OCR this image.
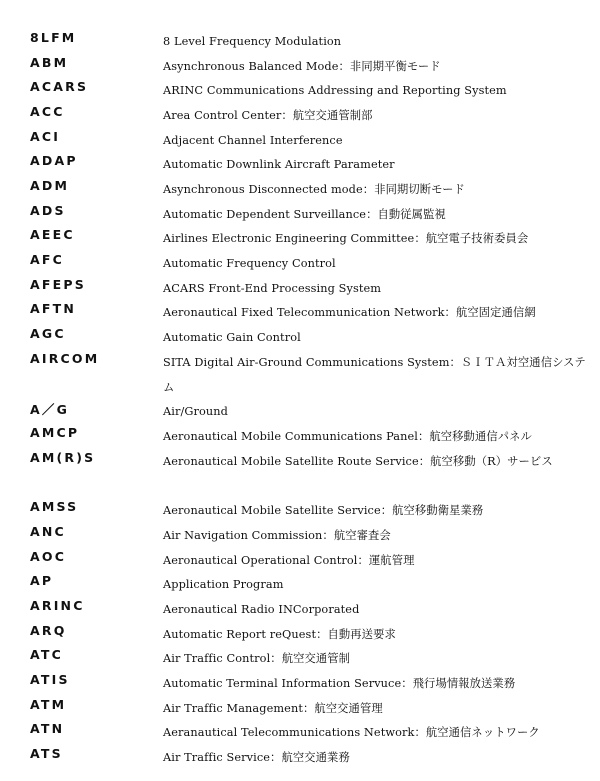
8LFM	8 Level Frequency Modulation
ABM	Asynchronous Balanced Mode：非同期平衡モード
ACARS	ARINC Communications Addressing and Reporting System
ACC	Area Control Center：航空交通管制部
ACI	Adjacent Channel Interference
ADAP	Automatic Downlink Aircraft Parameter
ADM	Asynchronous Disconnected mode：非同期切断モード
ADS	Automatic Dependent Surveillance：自動従属監視
AEEC	Airlines Electronic Engineering Committee：航空電子技術委員会
AFC	Automatic Frequency Control
AFEPS	ACARS Front-End Processing System
AFTN	Aeronautical Fixed Telecommunication Network：航空固定通信網
AGC	Automatic Gain Control
AIRCOM	SITA Digital Air-Ground Communications System：ＳＩＴＡ対空通信システム
A／G	Air/Ground
AMCP	Aeronautical Mobile Communications Panel：航空移動通信パネル
AM(R)S	Aeronautical Mobile Satellite Route Service：航空移動（R）サービス
AMSS	Aeronautical Mobile Satellite Service：航空移動衛星業務
ANC	Air Navigation Commission：航空審査会
AOC	Aeronautical Operational Control：運航管理
AP	Application Program
ARINC	Aeronautical Radio INCorporated
ARQ	Automatic Report reQuest：自動再送要求
ATC	Air Traffic Control：航空交通管制
ATIS	Automatic Terminal Information Servuce：飛行場情報放送業務
ATM	Air Traffic Management：航空交通管理
ATN	Aeranautical Telecommunications Network：航空通信ネットワーク
ATS	Air Traffic Service：航空交通業務
